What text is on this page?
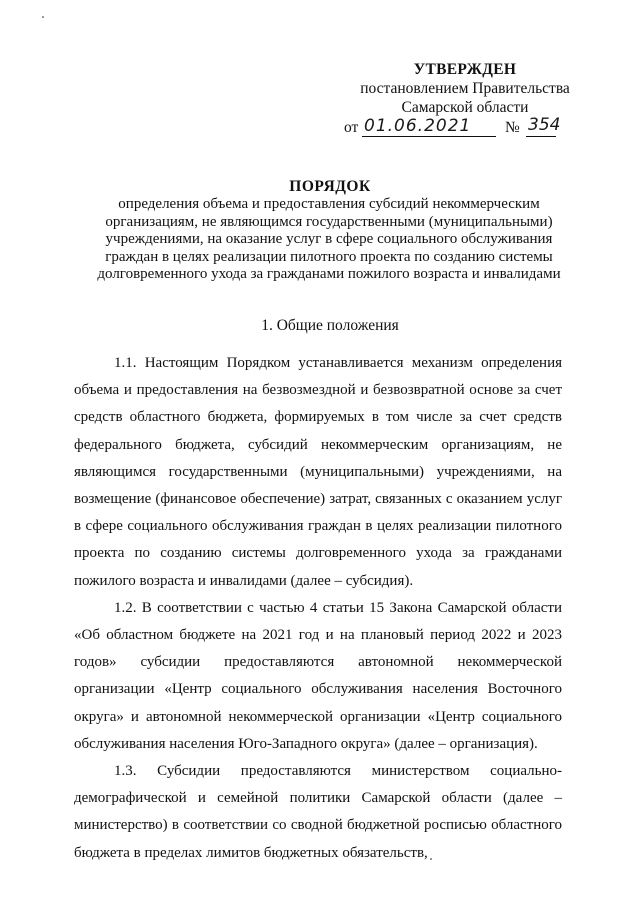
УТВЕРЖДЕН
постановлением Правительства
Самарской области
от 01.06.2021 № 354
ПОРЯДОК
определения объема и предоставления субсидий некоммерческим
организациям, не являющимся государственными (муниципальными)
учреждениями, на оказание услуг в сфере социального обслуживания
граждан в целях реализации пилотного проекта по созданию системы
долговременного ухода за гражданами пожилого возраста и инвалидами
1. Общие положения

1.1. Настоящим Порядком устанавливается механизм определения объема и предоставления на безвозмездной и безвозвратной основе за счет средств областного бюджета, формируемых в том числе за счет средств федерального бюджета, субсидий некоммерческим организациям, не являющимся государственными (муниципальными) учреждениями, на возмещение (финансовое обеспечение) затрат, связанных с оказанием услуг в сфере социального обслуживания граждан в целях реализации пилотного проекта по созданию системы долговременного ухода за гражданами пожилого возраста и инвалидами (далее – субсидия).

1.2. В соответствии с частью 4 статьи 15 Закона Самарской области «Об областном бюджете на 2021 год и на плановый период 2022 и 2023 годов» субсидии предоставляются автономной некоммерческой организации «Центр социального обслуживания населения Восточного округа» и автономной некоммерческой организации «Центр социального обслуживания населения Юго-Западного округа» (далее – организация).

1.3. Субсидии предоставляются министерством социально-демографической и семейной политики Самарской области (далее – министерство) в соответствии со сводной бюджетной росписью областного бюджета в пределах лимитов бюджетных обязательств,
